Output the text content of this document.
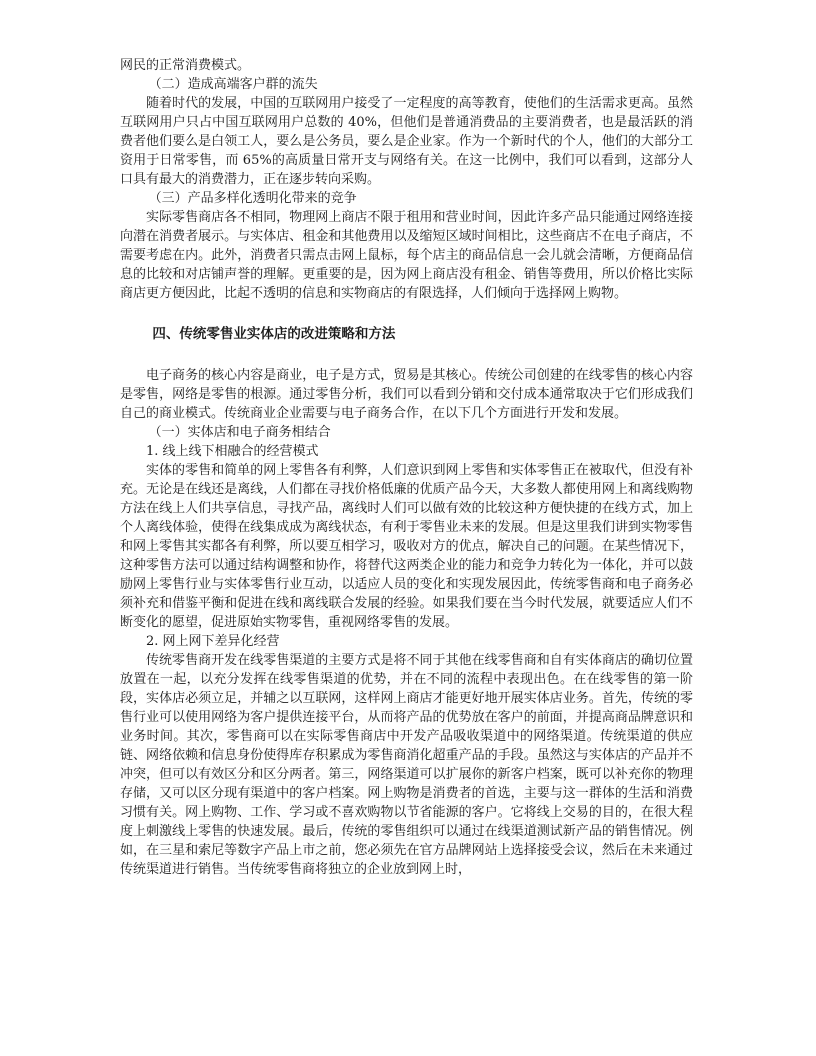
网民的正常消费模式。

（二）造成高端客户群的流失

随着时代的发展，中国的互联网用户接受了一定程度的高等教育，使他们的生活需求更高。虽然互联网用户只占中国互联网用户总数的 40%，但他们是普通消费品的主要消费者，也是最活跃的消费者他们要么是白领工人，要么是公务员，要么是企业家。作为一个新时代的个人，他们的大部分工资用于日常零售，而 65%的高质量日常开支与网络有关。在这一比例中，我们可以看到，这部分人口具有最大的消费潜力，正在逐步转向采购。

（三）产品多样化透明化带来的竞争

实际零售商店各不相同，物理网上商店不限于租用和营业时间，因此许多产品只能通过网络连接向潜在消费者展示。与实体店、租金和其他费用以及缩短区域时间相比，这些商店不在电子商店，不需要考虑在内。此外，消费者只需点击网上鼠标，每个店主的商品信息一会儿就会清晰，方便商品信息的比较和对店铺声誉的理解。更重要的是，因为网上商店没有租金、销售等费用，所以价格比实际商店更方便因此，比起不透明的信息和实物商店的有限选择，人们倾向于选择网上购物。

四、传统零售业实体店的改进策略和方法

电子商务的核心内容是商业，电子是方式，贸易是其核心。传统公司创建的在线零售的核心内容是零售，网络是零售的根源。通过零售分析，我们可以看到分销和交付成本通常取决于它们形成我们自己的商业模式。传统商业企业需要与电子商务合作，在以下几个方面进行开发和发展。

（一）实体店和电子商务相结合

1. 线上线下相融合的经营模式

实体的零售和简单的网上零售各有利弊，人们意识到网上零售和实体零售正在被取代，但没有补充。无论是在线还是离线，人们都在寻找价格低廉的优质产品今天，大多数人都使用网上和离线购物方法在线上人们共享信息，寻找产品，离线时人们可以做有效的比较这种方便快捷的在线方式，加上个人离线体验，使得在线集成成为离线状态，有利于零售业未来的发展。但是这里我们讲到实物零售和网上零售其实都各有利弊，所以要互相学习，吸收对方的优点，解决自己的问题。在某些情况下，这种零售方法可以通过结构调整和协作，将替代这两类企业的能力和竞争力转化为一体化，并可以鼓励网上零售行业与实体零售行业互动，以适应人员的变化和实现发展因此，传统零售商和电子商务必须补充和借鉴平衡和促进在线和离线联合发展的经验。如果我们要在当今时代发展，就要适应人们不断变化的愿望，促进原始实物零售，重视网络零售的发展。

2. 网上网下差异化经营

传统零售商开发在线零售渠道的主要方式是将不同于其他在线零售商和自有实体商店的确切位置放置在一起，以充分发挥在线零售渠道的优势，并在不同的流程中表现出色。在在线零售的第一阶段，实体店必须立足，并辅之以互联网，这样网上商店才能更好地开展实体店业务。首先，传统的零售行业可以使用网络为客户提供连接平台，从而将产品的优势放在客户的前面，并提高商品牌意识和业务时间。其次，零售商可以在实际零售商店中开发产品吸收渠道中的网络渠道。传统渠道的供应链、网络依赖和信息身份使得库存积累成为零售商消化超重产品的手段。虽然这与实体店的产品并不冲突，但可以有效区分和区分两者。第三，网络渠道可以扩展你的新客户档案，既可以补充你的物理存储，又可以区分现有渠道中的客户档案。网上购物是消费者的首选，主要与这一群体的生活和消费习惯有关。网上购物、工作、学习或不喜欢购物以节省能源的客户。它将线上交易的目的，在很大程度上刺激线上零售的快速发展。最后，传统的零售组织可以通过在线渠道测试新产品的销售情况。例如，在三星和索尼等数字产品上市之前，您必须先在官方品牌网站上选择接受会议，然后在未来通过传统渠道进行销售。当传统零售商将独立的企业放到网上时，
